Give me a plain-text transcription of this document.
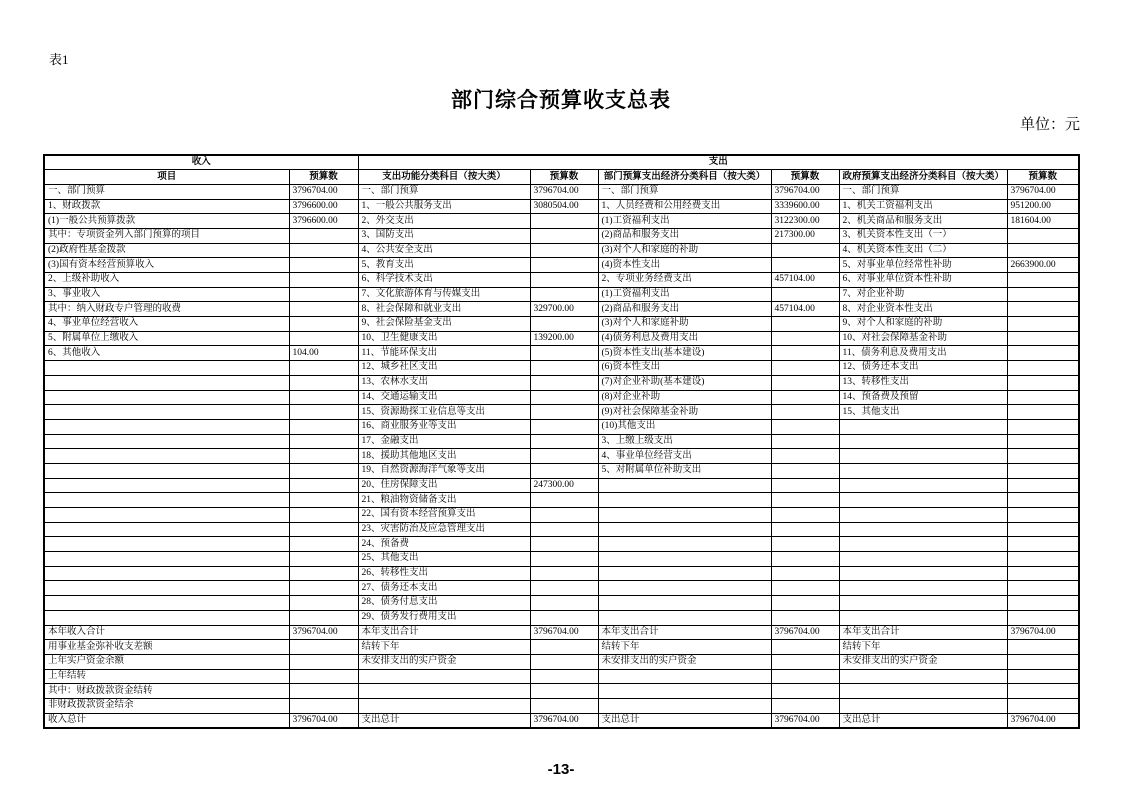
表1
部门综合预算收支总表
单位：元
收入		支出					
项目	预算数	支出功能分类科目（按大类）	预算数	部门预算支出经济分类科目（按大类）	预算数	政府预算支出经济分类科目（按大类）	预算数
一、部门预算	3796704.00	一、部门预算	3796704.00	一、部门预算	3796704.00	一、部门预算	3796704.00
1、财政拨款	3796600.00	1、一般公共服务支出	3080504.00	1、人员经费和公用经费支出	3339600.00	1、机关工资福利支出	951200.00
(1)一般公共预算拨款	3796600.00	2、外交支出		(1)工资福利支出	3122300.00	2、机关商品和服务支出	181604.00
其中：专项资金列入部门预算的项目		3、国防支出		(2)商品和服务支出	217300.00	3、机关资本性支出（一）	
(2)政府性基金拨款		4、公共安全支出		(3)对个人和家庭的补助		4、机关资本性支出（二）	
(3)国有资本经营预算收入		5、教育支出		(4)资本性支出		5、对事业单位经常性补助	2663900.00
2、上级补助收入		6、科学技术支出		2、专项业务经费支出	457104.00	6、对事业单位资本性补助	
3、事业收入		7、文化旅游体育与传媒支出		(1)工资福利支出		7、对企业补助	
其中：纳入财政专户管理的收费		8、社会保障和就业支出	329700.00	(2)商品和服务支出	457104.00	8、对企业资本性支出	
4、事业单位经营收入		9、社会保险基金支出		(3)对个人和家庭补助		9、对个人和家庭的补助	
5、附属单位上缴收入		10、卫生健康支出	139200.00	(4)债务利息及费用支出		10、对社会保障基金补助	
6、其他收入	104.00	11、节能环保支出		(5)资本性支出(基本建设)		11、债务利息及费用支出	
		12、城乡社区支出		(6)资本性支出		12、债务还本支出	
		13、农林水支出		(7)对企业补助(基本建设)		13、转移性支出	
		14、交通运输支出		(8)对企业补助		14、预备费及预留	
		15、资源勘探工业信息等支出		(9)对社会保障基金补助		15、其他支出	
		16、商业服务业等支出		(10)其他支出			
		17、金融支出		3、上缴上级支出			
		18、援助其他地区支出		4、事业单位经营支出			
		19、自然资源海洋气象等支出		5、对附属单位补助支出			
		20、住房保障支出	247300.00				
		21、粮油物资储备支出					
		22、国有资本经营预算支出					
		23、灾害防治及应急管理支出					
		24、预备费					
		25、其他支出					
		26、转移性支出					
		27、债务还本支出					
		28、债务付息支出					
		29、债务发行费用支出					
本年收入合计	3796704.00	本年支出合计	3796704.00	本年支出合计	3796704.00	本年支出合计	3796704.00
用事业基金弥补收支差额		结转下年		结转下年		结转下年	
上年实户资金余额		未安排支出的实户资金		未安排支出的实户资金		未安排支出的实户资金	
上年结转							
其中：财政拨款资金结转							
非财政拨款资金结余							
收入总计	3796704.00	支出总计	3796704.00	支出总计	3796704.00	支出总计	3796704.00
-13-
